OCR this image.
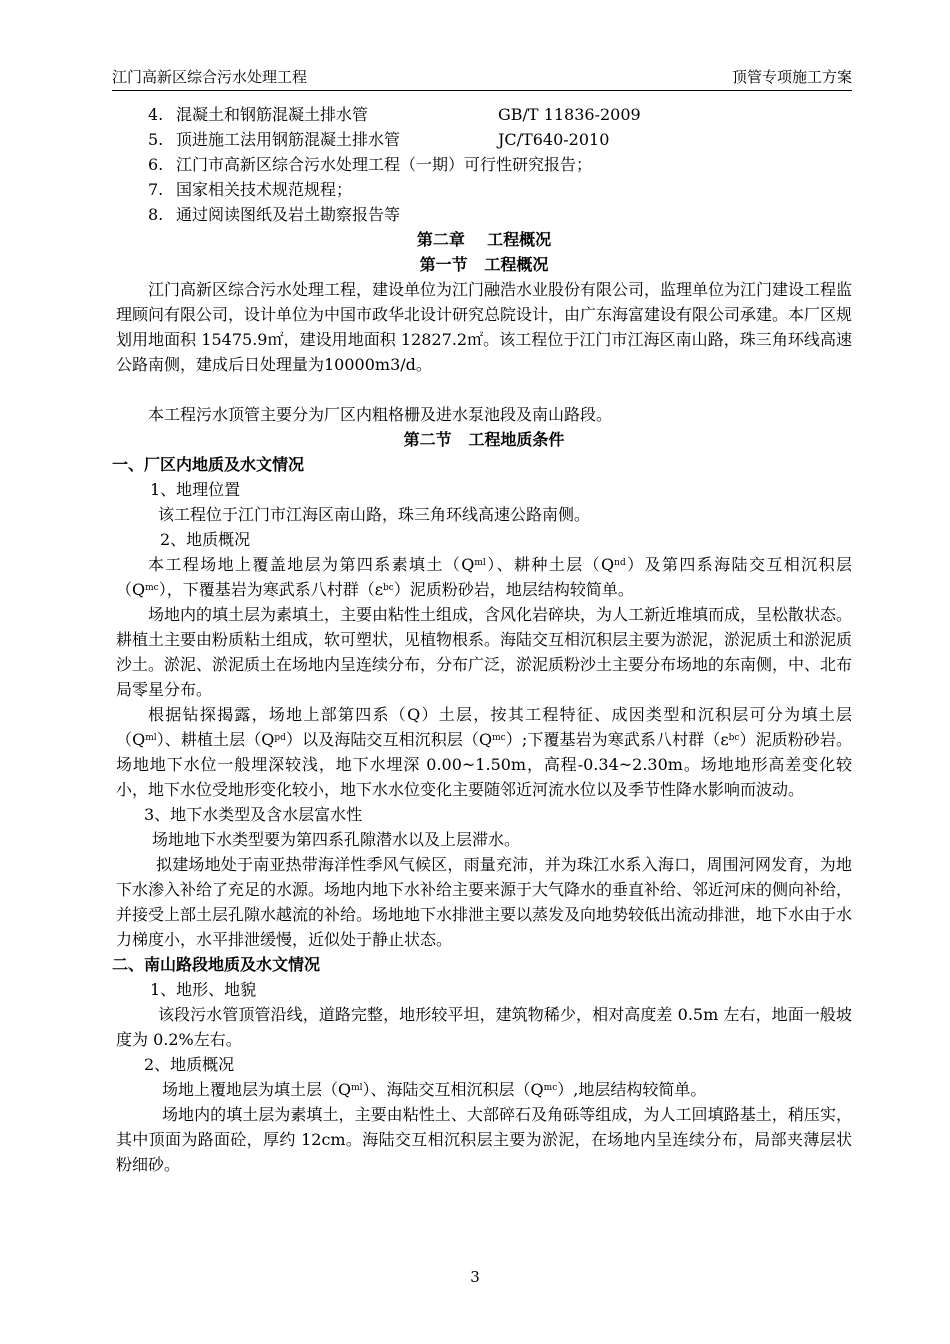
江门高新区综合污水处理工程	顶管专项施工方案
4. 混凝土和钢筋混凝土排水管	GB/T 11836-2009
5. 顶进施工法用钢筋混凝土排水管	JC/T640-2010
6. 江门市高新区综合污水处理工程（一期）可行性研究报告；
7. 国家相关技术规范规程；
8. 通过阅读图纸及岩土勘察报告等
第二章    工程概况
第一节   工程概况
江门高新区综合污水处理工程，建设单位为江门融浩水业股份有限公司，监理单位为江门建设工程监理顾问有限公司，设计单位为中国市政华北设计研究总院设计，由广东海富建设有限公司承建。本厂区规划用地面积 15475.9㎡，建设用地面积 12827.2㎡。该工程位于江门市江海区南山路，珠三角环线高速公路南侧，建成后日处理量为10000m3/d。
本工程污水顶管主要分为厂区内粗格栅及进水泵池段及南山路段。
第二节   工程地质条件
一、厂区内地质及水文情况
1、地理位置
该工程位于江门市江海区南山路，珠三角环线高速公路南侧。
2、地质概况
本工程场地上覆盖地层为第四系素填土$(Q^{ml})$、耕种土层$(Q^{nd})$及第四系海陆交互相沉积层$(Q^{mc})$，下覆基岩为寒武系八村群$(\varepsilon^{bc})$泥质粉砂岩，地层结构较简单。
场地内的填土层为素填土，主要由粘性土组成，含风化岩碎块，为人工新近堆填而成，呈松散状态。耕植土主要由粉质粘土组成，软可塑状，见植物根系。海陆交互相沉积层主要为淤泥，淤泥质土和淤泥质沙土。淤泥、淤泥质土在场地内呈连续分布，分布广泛，淤泥质粉沙土主要分布场地的东南侧，中、北布局零星分布。
根据钻探揭露，场地上部第四系（Q）土层，按其工程特征、成因类型和沉积层可分为填土层$(Q^{ml})$、耕植土层$(Q^{pd})$以及海陆交互相沉积层$(Q^{mc})$;下覆基岩为寒武系八村群$(\varepsilon^{bc})$泥质粉砂岩。场地地下水位一般埋深较浅，地下水埋深 0.00~1.50m，高程-0.34~2.30m。场地地形高差变化较小，地下水位受地形变化较小，地下水水位变化主要随邻近河流水位以及季节性降水影响而波动。
3、地下水类型及含水层富水性
场地地下水类型要为第四系孔隙潜水以及上层滞水。
拟建场地处于南亚热带海洋性季风气候区，雨量充沛，并为珠江水系入海口，周围河网发育，为地下水渗入补给了充足的水源。场地内地下水补给主要来源于大气降水的垂直补给、邻近河床的侧向补给，并接受上部土层孔隙水越流的补给。场地地下水排泄主要以蒸发及向地势较低出流动排泄，地下水由于水力梯度小，水平排泄缓慢，近似处于静止状态。
二、南山路段地质及水文情况
1、地形、地貌
该段污水管顶管沿线，道路完整，地形较平坦，建筑物稀少，相对高度差 0.5m 左右，地面一般坡度为 0.2%左右。
2、地质概况
场地上覆地层为填土层$(Q^{ml})$、海陆交互相沉积层$(Q^{mc})$,地层结构较简单。
场地内的填土层为素填土，主要由粘性土、大部碎石及角砾等组成，为人工回填路基土，稍压实，其中顶面为路面砼，厚约 12cm。海陆交互相沉积层主要为淤泥，在场地内呈连续分布，局部夹薄层状粉细砂。
3
